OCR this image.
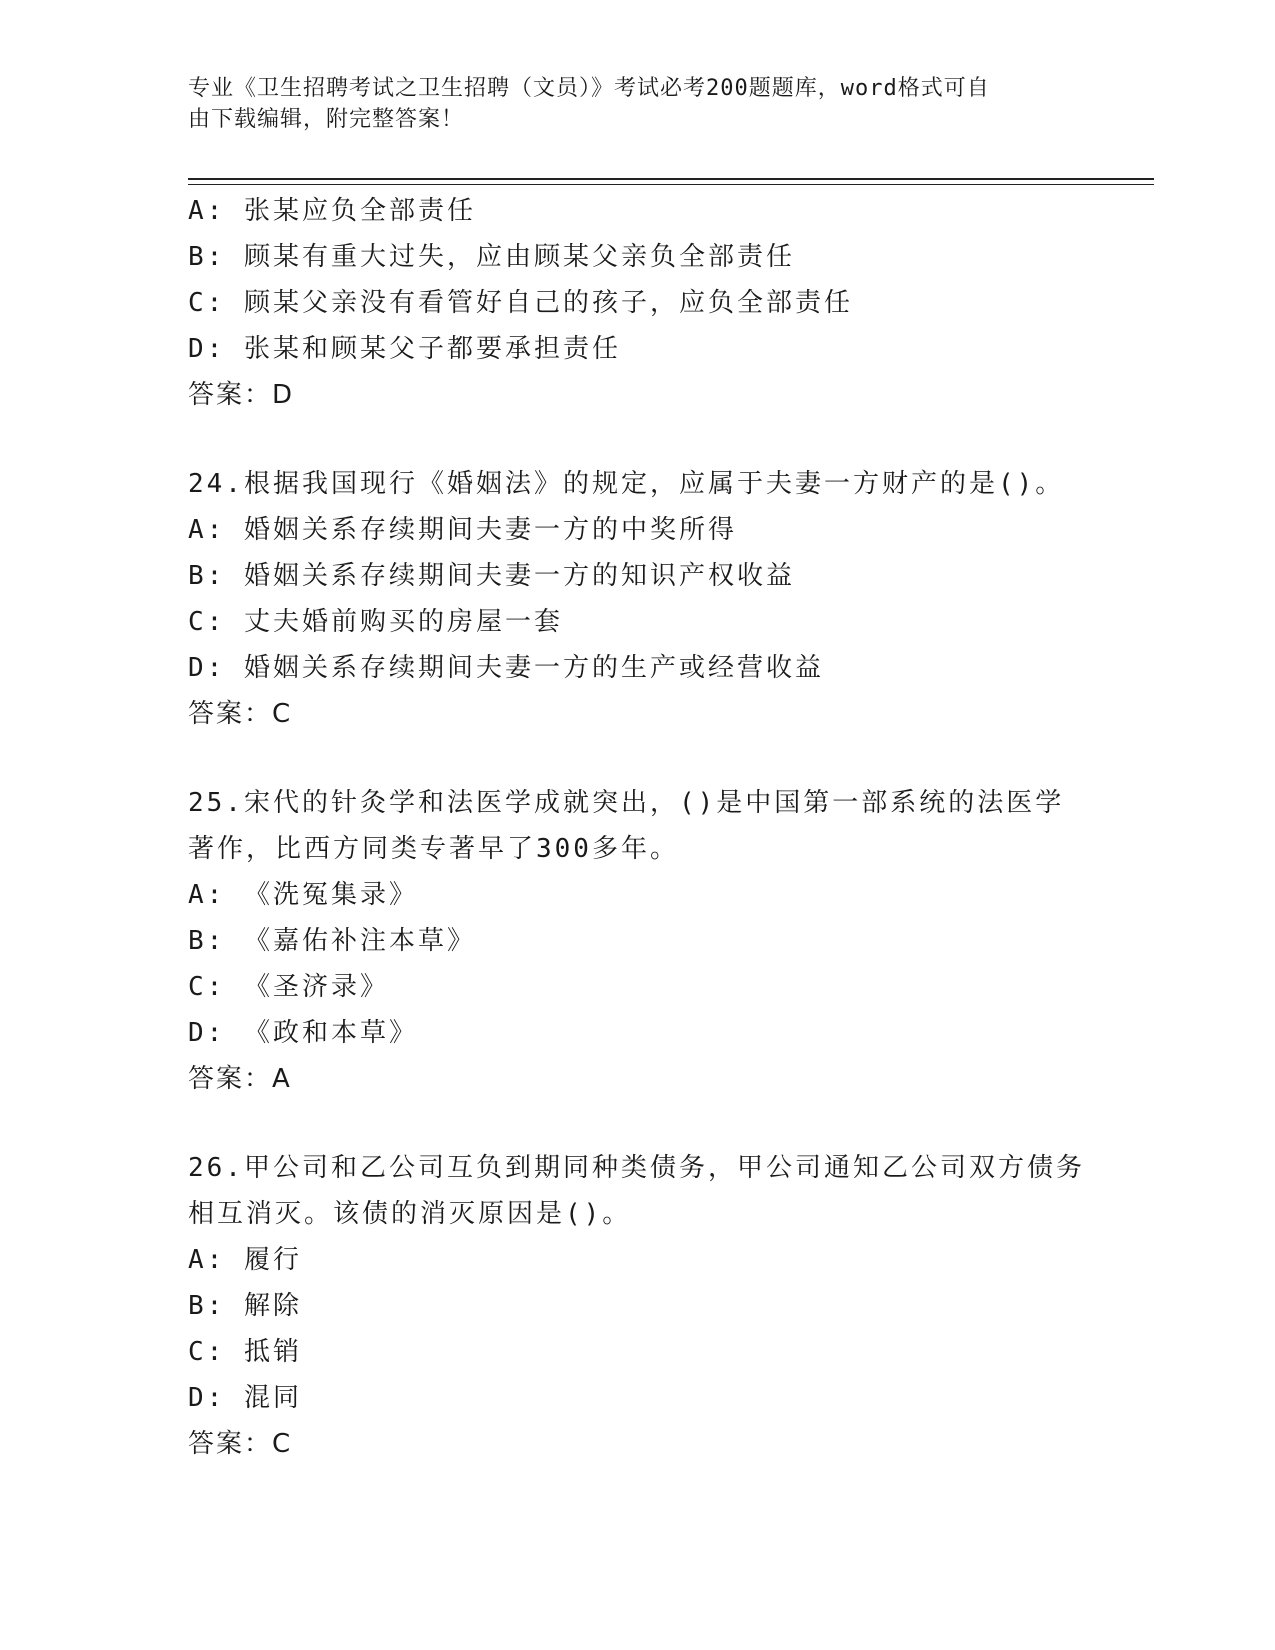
专业《卫生招聘考试之卫生招聘（文员）》考试必考200题题库，word格式可自
由下载编辑，附完整答案！
A: 张某应负全部责任
B: 顾某有重大过失，应由顾某父亲负全部责任
C: 顾某父亲没有看管好自己的孩子，应负全部责任
D: 张某和顾某父子都要承担责任
答案：D
24.根据我国现行《婚姻法》的规定，应属于夫妻一方财产的是()。
A: 婚姻关系存续期间夫妻一方的中奖所得
B: 婚姻关系存续期间夫妻一方的知识产权收益
C: 丈夫婚前购买的房屋一套
D: 婚姻关系存续期间夫妻一方的生产或经营收益
答案：C
25.宋代的针灸学和法医学成就突出，()是中国第一部系统的法医学著作，比西方同类专著早了300多年。
A: 《洗冤集录》
B: 《嘉佑补注本草》
C: 《圣济录》
D: 《政和本草》
答案：A
26.甲公司和乙公司互负到期同种类债务，甲公司通知乙公司双方债务相互消灭。该债的消灭原因是()。
A: 履行
B: 解除
C: 抵销
D: 混同
答案：C
